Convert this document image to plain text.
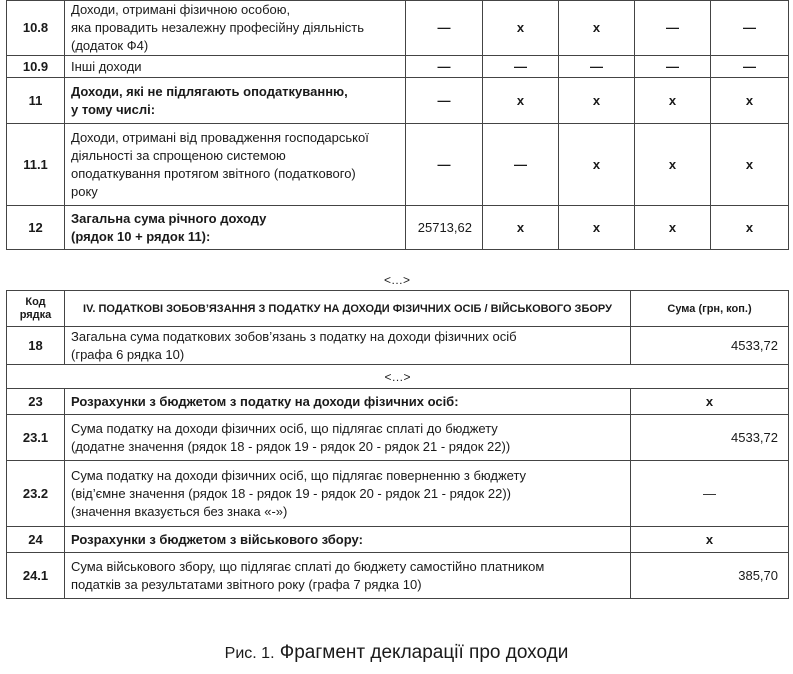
10.8	Доходи, отримані фізичною особою,
яка провадить незалежну професійну діяльність
(додаток Ф4)	—	х	х	—	—
10.9	Інші доходи	—	—	—	—	—
11	Доходи, які не підлягають оподаткуванню,
у тому числі:	—	х	х	х	х
11.1	Доходи, отримані від провадження господарської
діяльності за спрощеною системою
оподаткування протягом звітного (податкового)
року	—	—	х	х	х
12	Загальна сума річного доходу
(рядок 10 + рядок 11):	25713,62	х	х	х	х
<…>
Код рядка	IV. ПОДАТКОВІ ЗОБОВ’ЯЗАННЯ З ПОДАТКУ НА ДОХОДИ ФІЗИЧНИХ ОСІБ / ВІЙСЬКОВОГО ЗБОРУ	Сума (грн, коп.)
18	Загальна сума податкових зобов’язань з податку на доходи фізичних осіб
(графа 6 рядка 10)	4533,72
<…>		
23	Розрахунки з бюджетом з податку на доходи фізичних осіб:	х
23.1	Сума податку на доходи фізичних осіб, що підлягає сплаті до бюджету
(додатне значення (рядок 18 - рядок 19 - рядок 20 - рядок 21 - рядок 22))	4533,72
23.2	Сума податку на доходи фізичних осіб, що підлягає поверненню з бюджету
(від’ємне значення (рядок 18 - рядок 19 - рядок 20 - рядок 21 - рядок 22))
(значення вказується без знака «-»)	—
24	Розрахунки з бюджетом з військового збору:	х
24.1	Сума військового збору, що підлягає сплаті до бюджету самостійно платником
податків за результатами звітного року (графа 7 рядка 10)	385,70
Рис. 1. Фрагмент декларації про доходи
